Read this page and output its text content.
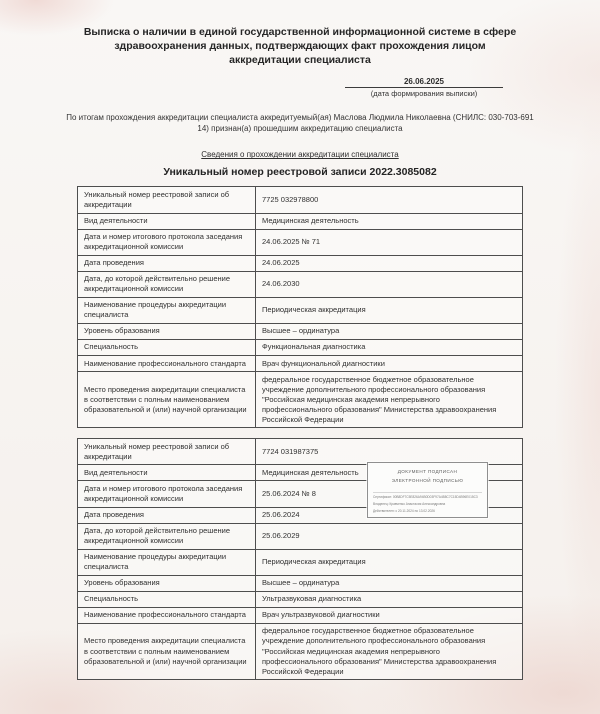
Выписка о наличии в единой государственной информационной системе в сфере здравоохранения данных, подтверждающих факт прохождения лицом аккредитации специалиста
26.06.2025
(дата формирования выписки)
По итогам прохождения аккредитации специалиста аккредитуемый(ая) Маслова Людмила Николаевна (СНИЛС: 030-703-691 14) признан(а) прошедшим аккредитацию специалиста
Сведения о прохождении аккредитации специалиста
Уникальный номер реестровой записи 2022.3085082
Уникальный номер реестровой записи об аккредитации	7725 032978800
Вид деятельности	Медицинская деятельность
Дата и номер итогового протокола заседания аккредитационной комиссии	24.06.2025 № 71
Дата проведения	24.06.2025
Дата, до которой действительно решение аккредитационной комиссии	24.06.2030
Наименование процедуры аккредитации специалиста	Периодическая аккредитация
Уровень образования	Высшее – ординатура
Специальность	Функциональная диагностика
Наименование профессионального стандарта	Врач функциональной диагностики
Место проведения аккредитации специалиста в соответствии с полным наименованием образовательной и (или) научной организации	федеральное государственное бюджетное образовательное учреждение дополнительного профессионального образования "Российская медицинская академия непрерывного профессионального образования" Министерства здравоохранения Российской Федерации
Уникальный номер реестровой записи об аккредитации	7724 031987375
Вид деятельности	Медицинская деятельность
Дата и номер итогового протокола заседания аккредитационной комиссии	25.06.2024 № 8
Дата проведения	25.06.2024
Дата, до которой действительно решение аккредитационной комиссии	25.06.2029
Наименование процедуры аккредитации специалиста	Периодическая аккредитация
Уровень образования	Высшее – ординатура
Специальность	Ультразвуковая диагностика
Наименование профессионального стандарта	Врач ультразвуковой диагностики
Место проведения аккредитации специалиста в соответствии с полным наименованием образовательной и (или) научной организации	федеральное государственное бюджетное образовательное учреждение дополнительного профессионального образования "Российская медицинская академия непрерывного профессионального образования" Министерства здравоохранения Российской Федерации
ДОКУМЕНТ ПОДПИСАН
ЭЛЕКТРОННОЙ ПОДПИСЬЮ
Сертификат: 00B8DF7C5E826A94B0D03F97A4B8C7C15D4B96E015C3
Владелец: Кравченко Анастасия Александровна
Действителен: с 20.11.2024 по 13.02.2026
